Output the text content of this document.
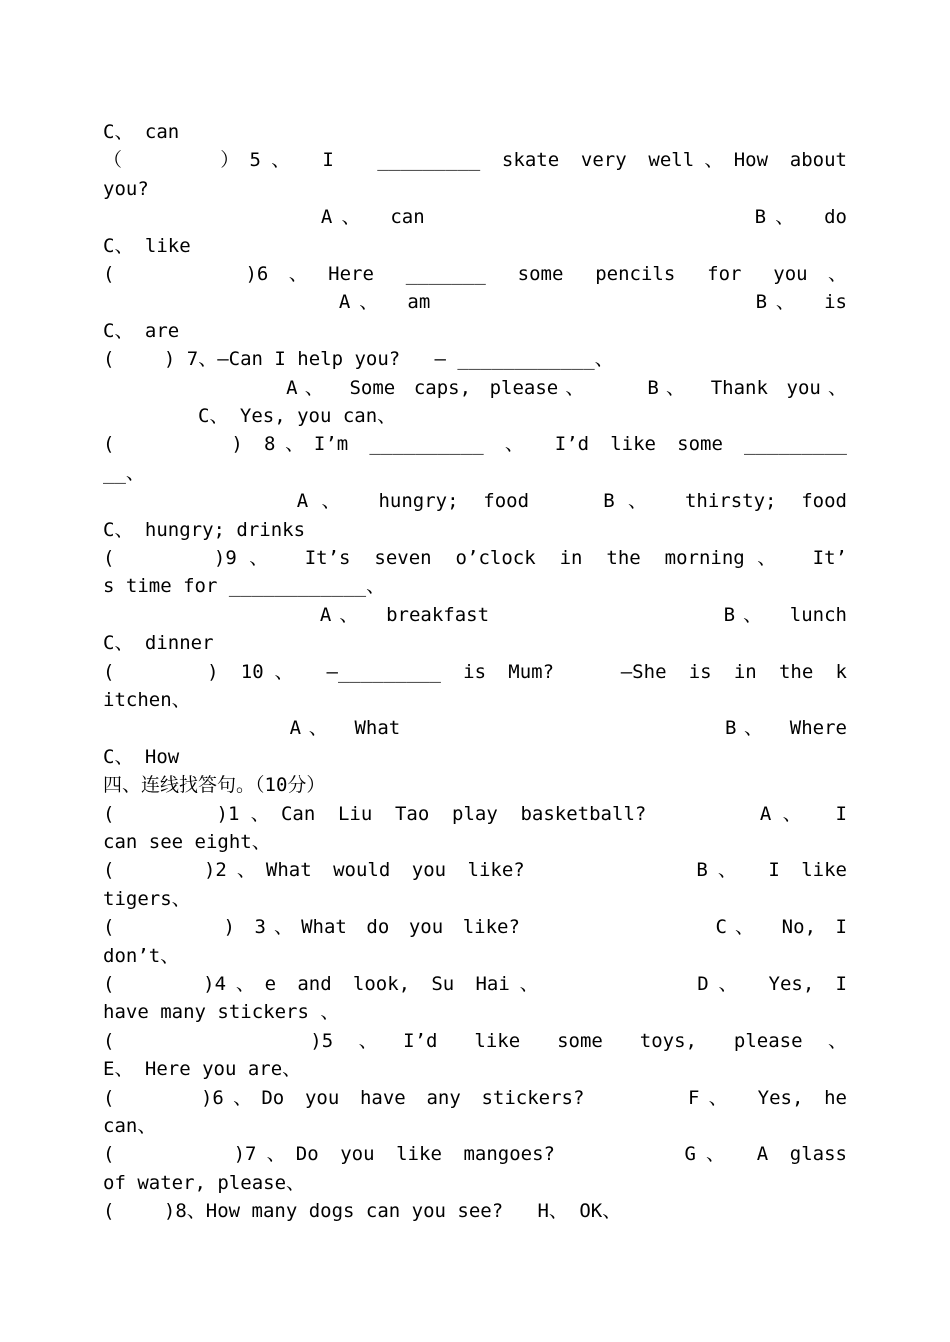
C、 can
（　　　）5、 I  _________ skate very well、How about
you?
　　　　　　　 A、 can                B、 do
C、 like
(　　 )6、Here _______ some pencils for you、
　　　　　　　  A、 am                B、 is
C、 are
(　　 ) 7、—Can I help you?   — ____________、
　　　　　　　A、 Some caps, please、   B、 Thank you、
　　　　　C、 Yes, you can、
(　　　 ) 8、I’m __________ 、 I’d like some _________
__、
　　　　　　A、 hungry; food   B、 thirsty; food
C、 hungry; drinks
(　　 )9、 It’s seven o’clock in the morning、 It’
s time for ____________、
　　　　　　　　A、 breakfast            B、 lunch
C、 dinner
(　　 ) 10、 —_________ is Mum?   —She is in the k
itchen、
　　　　　　　A、 What                 B、 Where
C、 How
四、连线找答句。（10分）
(　　　)1、Can Liu Tao play basketball?     A、 I
can see eight、
(　　 )2、What would you like?        B、 I like
tigers、
(　　　 ) 3、What do you like?          C、 No, I
don’t、
(　　 )4、e and look, Su Hai、       D、 Yes, I
have many stickers 、
(　　　 )5、I’d like some toys, please、
E、 Here you are、
(　　 )6、Do you have any stickers?     F、 Yes, he
can、
(　　　 )7、Do you like mangoes?      G、 A glass
of water, please、
(　　 )8、How many dogs can you see?   H、 OK、
